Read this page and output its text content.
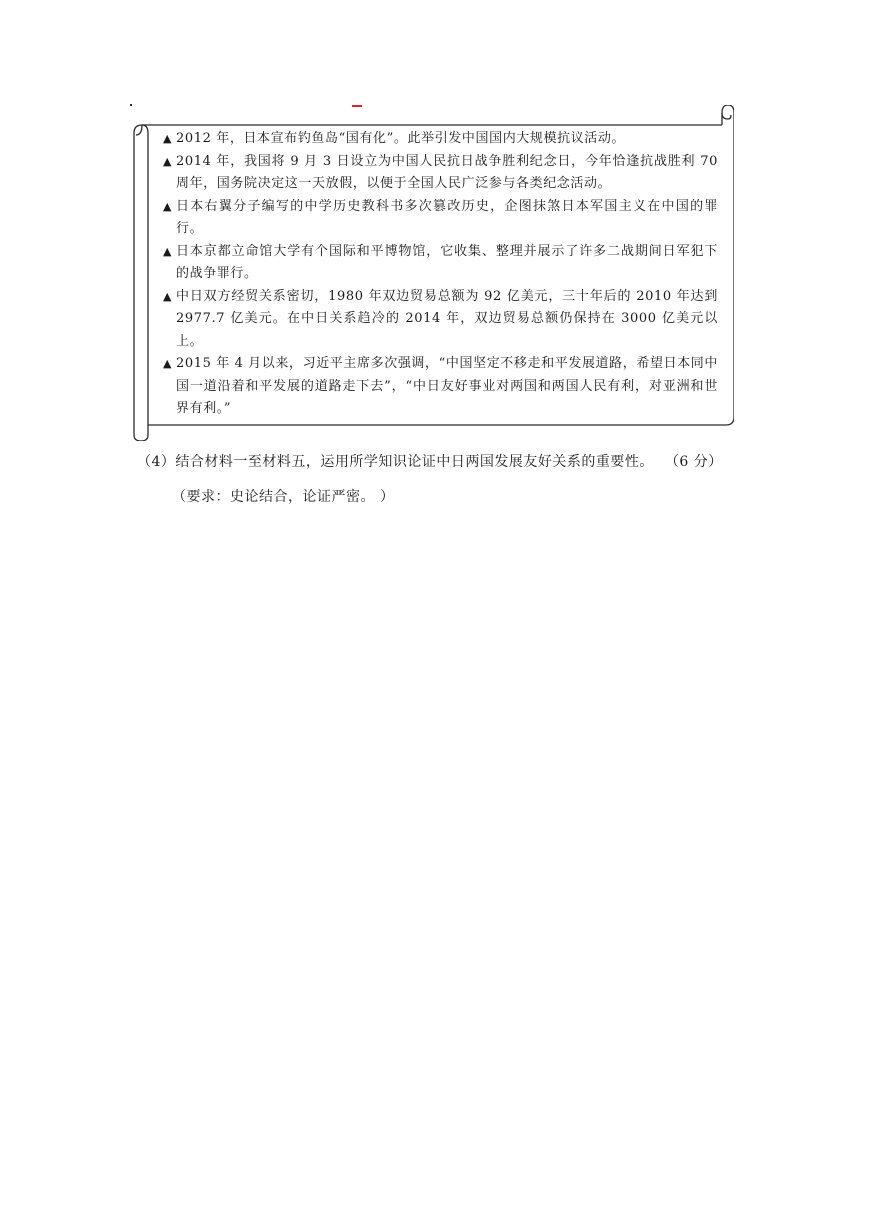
▲ 2012 年，日本宣布钓鱼岛“国有化”。此举引发中国国内大规模抗议活动。
▲ 2014 年，我国将 9 月 3 日设立为中国人民抗日战争胜利纪念日，今年恰逢抗战胜利 70 周年，国务院决定这一天放假，以便于全国人民广泛参与各类纪念活动。
▲ 日本右翼分子编写的中学历史教科书多次篡改历史，企图抹煞日本军国主义在中国的罪行。
▲ 日本京都立命馆大学有个国际和平博物馆，它收集、整理并展示了许多二战期间日军犯下的战争罪行。
▲ 中日双方经贸关系密切，1980 年双边贸易总额为 92 亿美元，三十年后的 2010 年达到 2977.7 亿美元。在中日关系趋冷的 2014 年，双边贸易总额仍保持在 3000 亿美元以上。
▲ 2015 年 4 月以来，习近平主席多次强调，“中国坚定不移走和平发展道路，希望日本同中国一道沿着和平发展的道路走下去”，“中日友好事业对两国和两国人民有利，对亚洲和世界有利。”
（4）结合材料一至材料五，运用所学知识论证中日两国发展友好关系的重要性。 （6 分）
（要求：史论结合，论证严密。 ）
